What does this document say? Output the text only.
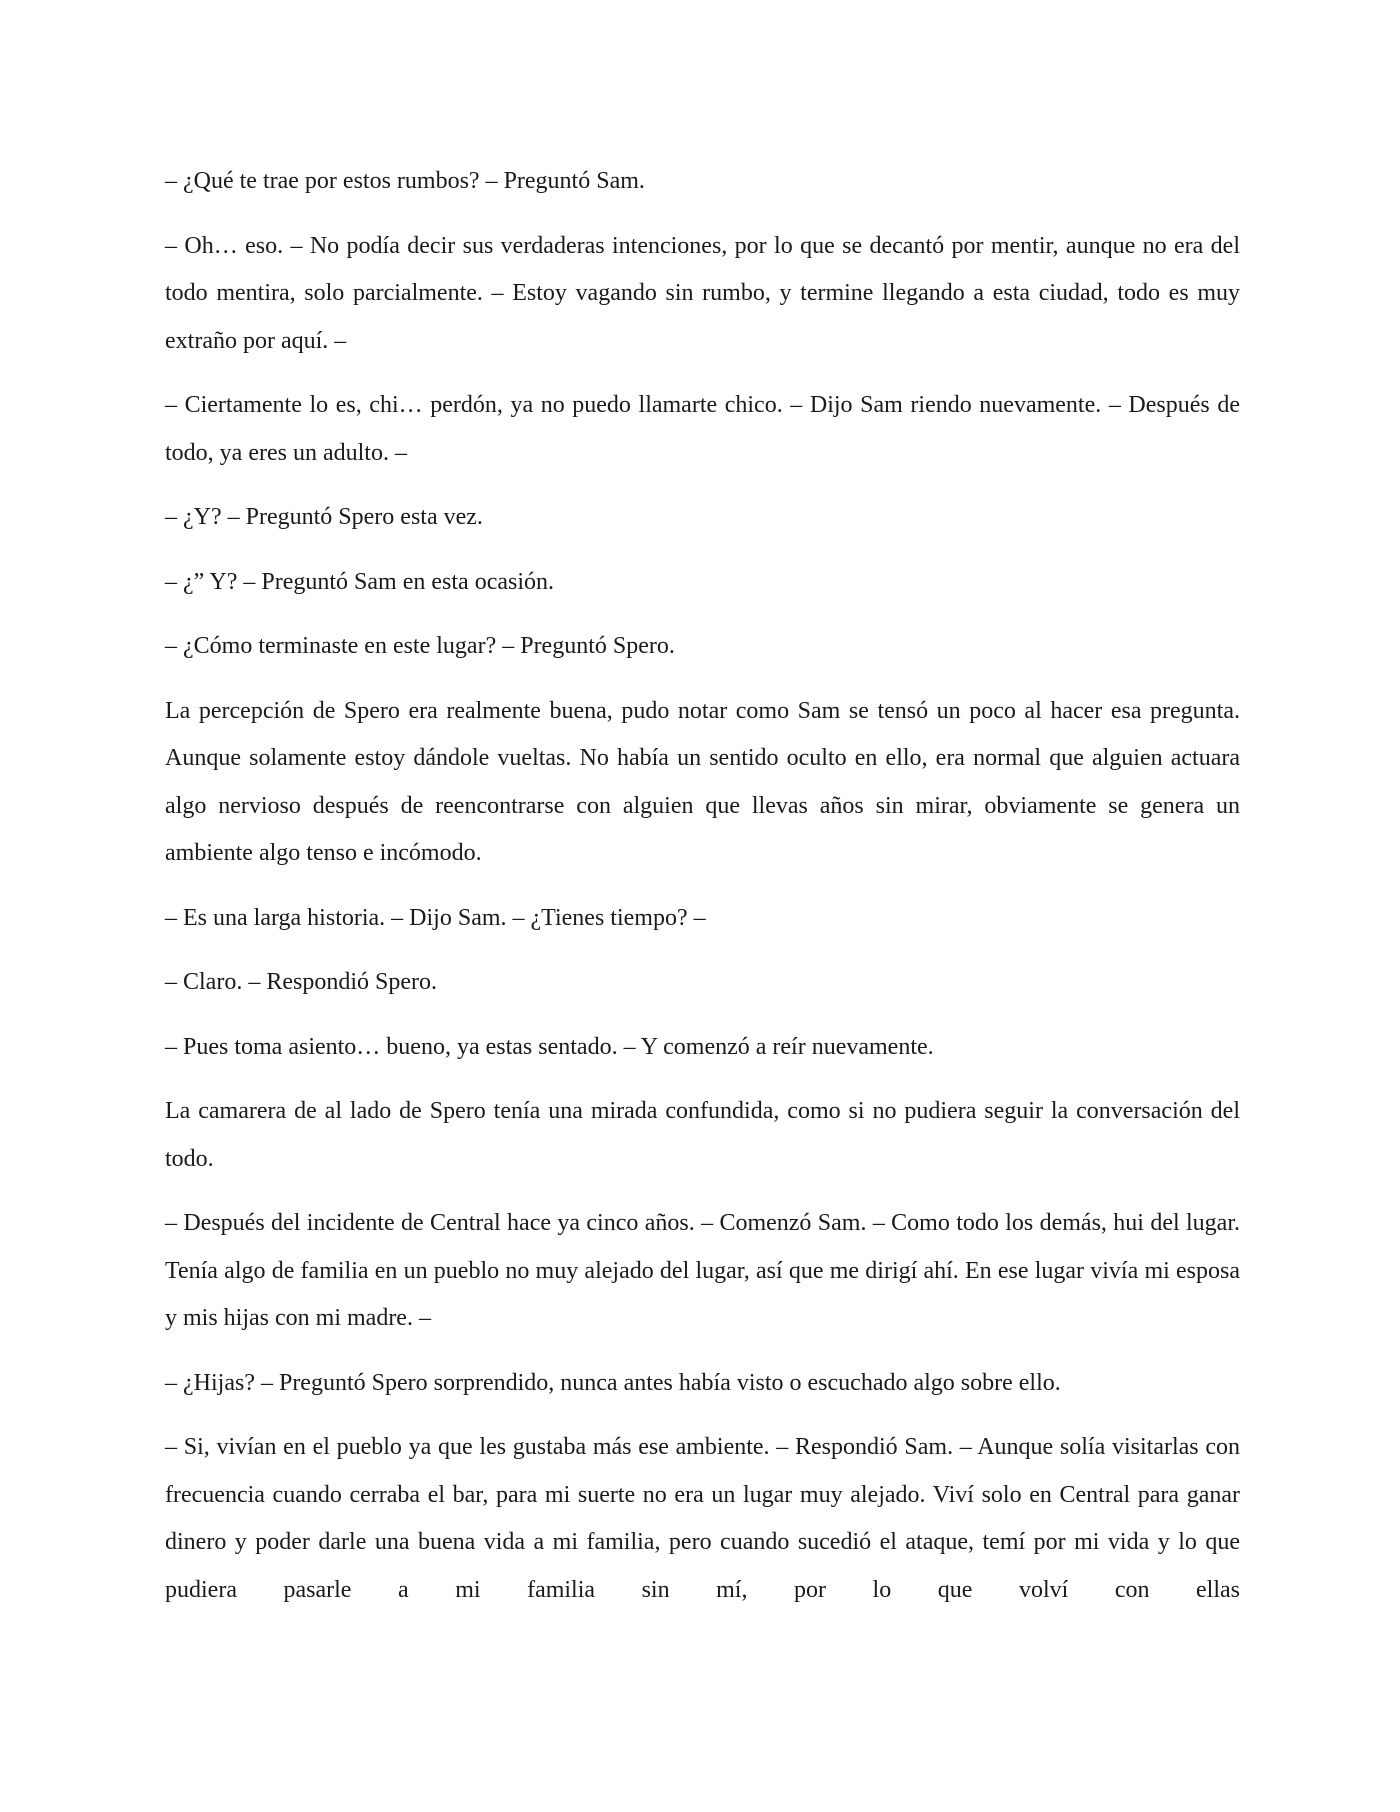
– ¿Qué te trae por estos rumbos? – Preguntó Sam.

– Oh… eso. – No podía decir sus verdaderas intenciones, por lo que se decantó por mentir, aunque no era del todo mentira, solo parcialmente. – Estoy vagando sin rumbo, y termine llegando a esta ciudad, todo es muy extraño por aquí. –

– Ciertamente lo es, chi… perdón, ya no puedo llamarte chico. – Dijo Sam riendo nuevamente. – Después de todo, ya eres un adulto. –

– ¿Y? – Preguntó Spero esta vez.

– ¿” Y? – Preguntó Sam en esta ocasión.

– ¿Cómo terminaste en este lugar? – Preguntó Spero.

La percepción de Spero era realmente buena, pudo notar como Sam se tensó un poco al hacer esa pregunta. Aunque solamente estoy dándole vueltas. No había un sentido oculto en ello, era normal que alguien actuara algo nervioso después de reencontrarse con alguien que llevas años sin mirar, obviamente se genera un ambiente algo tenso e incómodo.

– Es una larga historia. – Dijo Sam. – ¿Tienes tiempo? –

– Claro. – Respondió Spero.

– Pues toma asiento… bueno, ya estas sentado. – Y comenzó a reír nuevamente.

La camarera de al lado de Spero tenía una mirada confundida, como si no pudiera seguir la conversación del todo.

– Después del incidente de Central hace ya cinco años. – Comenzó Sam. – Como todo los demás, hui del lugar. Tenía algo de familia en un pueblo no muy alejado del lugar, así que me dirigí ahí. En ese lugar vivía mi esposa y mis hijas con mi madre. –

– ¿Hijas? – Preguntó Spero sorprendido, nunca antes había visto o escuchado algo sobre ello.

– Si, vivían en el pueblo ya que les gustaba más ese ambiente. – Respondió Sam. – Aunque solía visitarlas con frecuencia cuando cerraba el bar, para mi suerte no era un lugar muy alejado. Viví solo en Central para ganar dinero y poder darle una buena vida a mi familia, pero cuando sucedió el ataque, temí por mi vida y lo que pudiera pasarle a mi familia sin mí, por lo que volví con ellas
